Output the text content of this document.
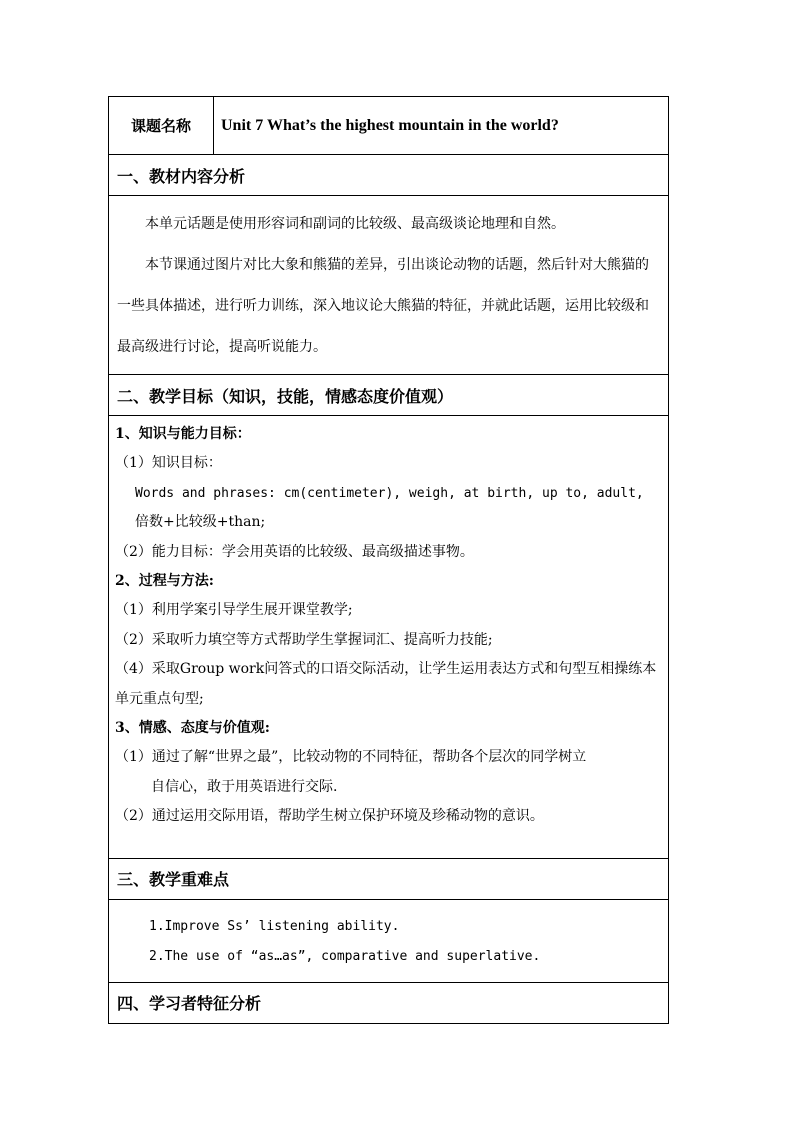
课题名称	Unit 7 What’s the highest mountain in the world?
一、教材内容分析

本单元话题是使用形容词和副词的比较级、最高级谈论地理和自然。

本节课通过图片对比大象和熊猫的差异，引出谈论动物的话题，然后针对大熊猫的一些具体描述，进行听力训练，深入地议论大熊猫的特征，并就此话题，运用比较级和最高级进行讨论，提高听说能力。

二、教学目标（知识，技能，情感态度价值观）

1、知识与能力目标：

（1）知识目标：

Words and phrases: cm(centimeter), weigh, at birth, up to, adult,

倍数+比较级+than;

（2）能力目标：学会用英语的比较级、最高级描述事物。

2、过程与方法:

（1）利用学案引导学生展开课堂教学;

（2）采取听力填空等方式帮助学生掌握词汇、提高听力技能;

（4）采取Group work问答式的口语交际活动，让学生运用表达方式和句型互相操练本单元重点句型;

3、情感、态度与价值观:

（1）通过了解“世界之最”，比较动物的不同特征，帮助各个层次的同学树立

自信心，敢于用英语进行交际.

（2）通过运用交际用语，帮助学生树立保护环境及珍稀动物的意识。

三、教学重难点

1.Improve Ss’ listening ability.

2.The use of “as…as”, comparative and superlative.

四、学习者特征分析
